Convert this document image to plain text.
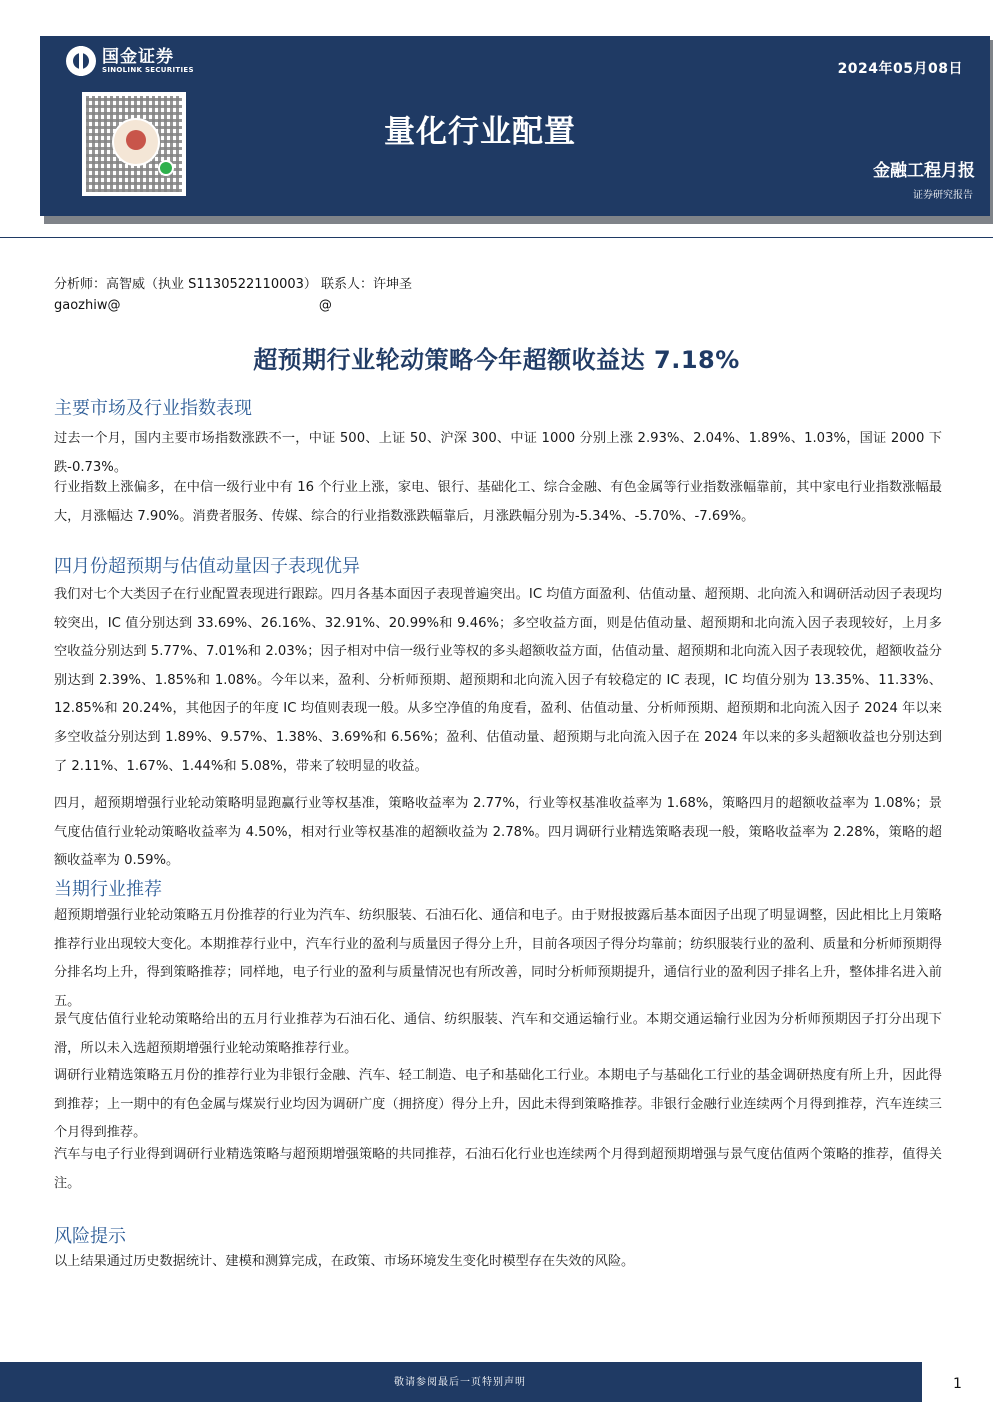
国金证券
SINOLINK SECURITIES	2024年05月08日
量化行业配置
金融工程月报
证券研究报告
分析师：高智威（执业 S1130522110003） 联系人：许坤圣
gaozhiw@                                                @
超预期行业轮动策略今年超额收益达 7.18%
主要市场及行业指数表现
过去一个月，国内主要市场指数涨跌不一，中证 500、上证 50、沪深 300、中证 1000 分别上涨 2.93%、2.04%、1.89%、1.03%，国证 2000 下跌-0.73%。
行业指数上涨偏多，在中信一级行业中有 16 个行业上涨，家电、银行、基础化工、综合金融、有色金属等行业指数涨幅靠前，其中家电行业指数涨幅最大，月涨幅达 7.90%。消费者服务、传媒、综合的行业指数涨跌幅靠后，月涨跌幅分别为-5.34%、-5.70%、-7.69%。
四月份超预期与估值动量因子表现优异
我们对七个大类因子在行业配置表现进行跟踪。四月各基本面因子表现普遍突出。IC 均值方面盈利、估值动量、超预期、北向流入和调研活动因子表现均较突出，IC 值分别达到 33.69%、26.16%、32.91%、20.99%和 9.46%；多空收益方面，则是估值动量、超预期和北向流入因子表现较好，上月多空收益分别达到 5.77%、7.01%和 2.03%；因子相对中信一级行业等权的多头超额收益方面，估值动量、超预期和北向流入因子表现较优，超额收益分别达到 2.39%、1.85%和 1.08%。今年以来，盈利、分析师预期、超预期和北向流入因子有较稳定的 IC 表现，IC 均值分别为 13.35%、11.33%、12.85%和 20.24%，其他因子的年度 IC 均值则表现一般。从多空净值的角度看，盈利、估值动量、分析师预期、超预期和北向流入因子 2024 年以来多空收益分别达到 1.89%、9.57%、1.38%、3.69%和 6.56%；盈利、估值动量、超预期与北向流入因子在 2024 年以来的多头超额收益也分别达到了 2.11%、1.67%、1.44%和 5.08%，带来了较明显的收益。
四月，超预期增强行业轮动策略明显跑赢行业等权基准，策略收益率为 2.77%，行业等权基准收益率为 1.68%，策略四月的超额收益率为 1.08%；景气度估值行业轮动策略收益率为 4.50%，相对行业等权基准的超额收益为 2.78%。四月调研行业精选策略表现一般，策略收益率为 2.28%，策略的超额收益率为 0.59%。
当期行业推荐
超预期增强行业轮动策略五月份推荐的行业为汽车、纺织服装、石油石化、通信和电子。由于财报披露后基本面因子出现了明显调整，因此相比上月策略推荐行业出现较大变化。本期推荐行业中，汽车行业的盈利与质量因子得分上升，目前各项因子得分均靠前；纺织服装行业的盈利、质量和分析师预期得分排名均上升，得到策略推荐；同样地，电子行业的盈利与质量情况也有所改善，同时分析师预期提升，通信行业的盈利因子排名上升，整体排名进入前五。
景气度估值行业轮动策略给出的五月行业推荐为石油石化、通信、纺织服装、汽车和交通运输行业。本期交通运输行业因为分析师预期因子打分出现下滑，所以未入选超预期增强行业轮动策略推荐行业。
调研行业精选策略五月份的推荐行业为非银行金融、汽车、轻工制造、电子和基础化工行业。本期电子与基础化工行业的基金调研热度有所上升，因此得到推荐；上一期中的有色金属与煤炭行业均因为调研广度（拥挤度）得分上升，因此未得到策略推荐。非银行金融行业连续两个月得到推荐，汽车连续三个月得到推荐。
汽车与电子行业得到调研行业精选策略与超预期增强策略的共同推荐，石油石化行业也连续两个月得到超预期增强与景气度估值两个策略的推荐，值得关注。
风险提示
以上结果通过历史数据统计、建模和测算完成，在政策、市场环境发生变化时模型存在失效的风险。
敬请参阅最后一页特别声明	1
